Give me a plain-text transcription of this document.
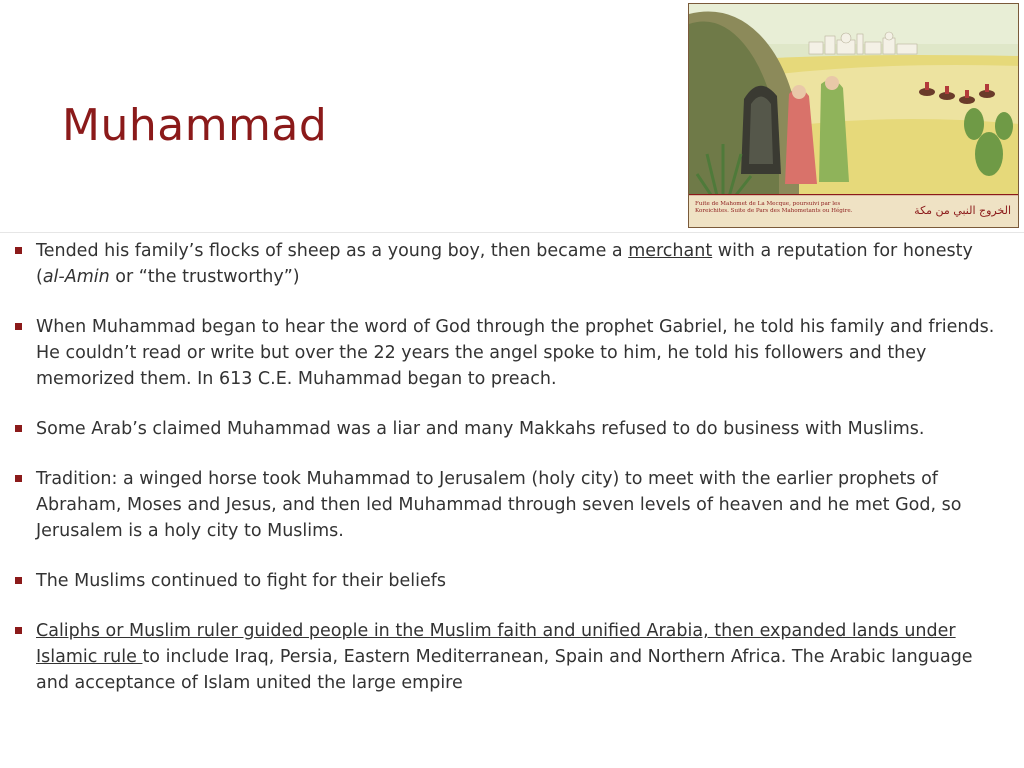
Muhammad
Fuite de Mahomet de La Mecque, poursuivi par les Koreichites. Suite de Pars des Mahometants ou Hégire.	الخروج النبي من مكة
Tended his family’s flocks of sheep as a young boy, then became a merchant with a reputation for honesty (al-Amin or “the trustworthy”)
When Muhammad began to hear the word of God through the prophet Gabriel, he told his family and friends. He couldn’t read or write but over the 22 years the angel spoke to him, he told his followers and they memorized them. In 613 C.E. Muhammad began to preach.
Some Arab’s claimed Muhammad was a liar and many Makkahs refused to do business with Muslims.
Tradition: a winged horse took Muhammad to Jerusalem (holy city) to meet with the earlier prophets of Abraham, Moses and Jesus, and then led Muhammad through seven levels of heaven and he met God, so Jerusalem is a holy city to Muslims.
The Muslims continued to fight for their beliefs
Caliphs or Muslim ruler guided people in the Muslim faith and unified Arabia, then expanded lands under Islamic rule to include Iraq, Persia, Eastern Mediterranean, Spain and Northern Africa. The Arabic language and acceptance of Islam united the large empire
